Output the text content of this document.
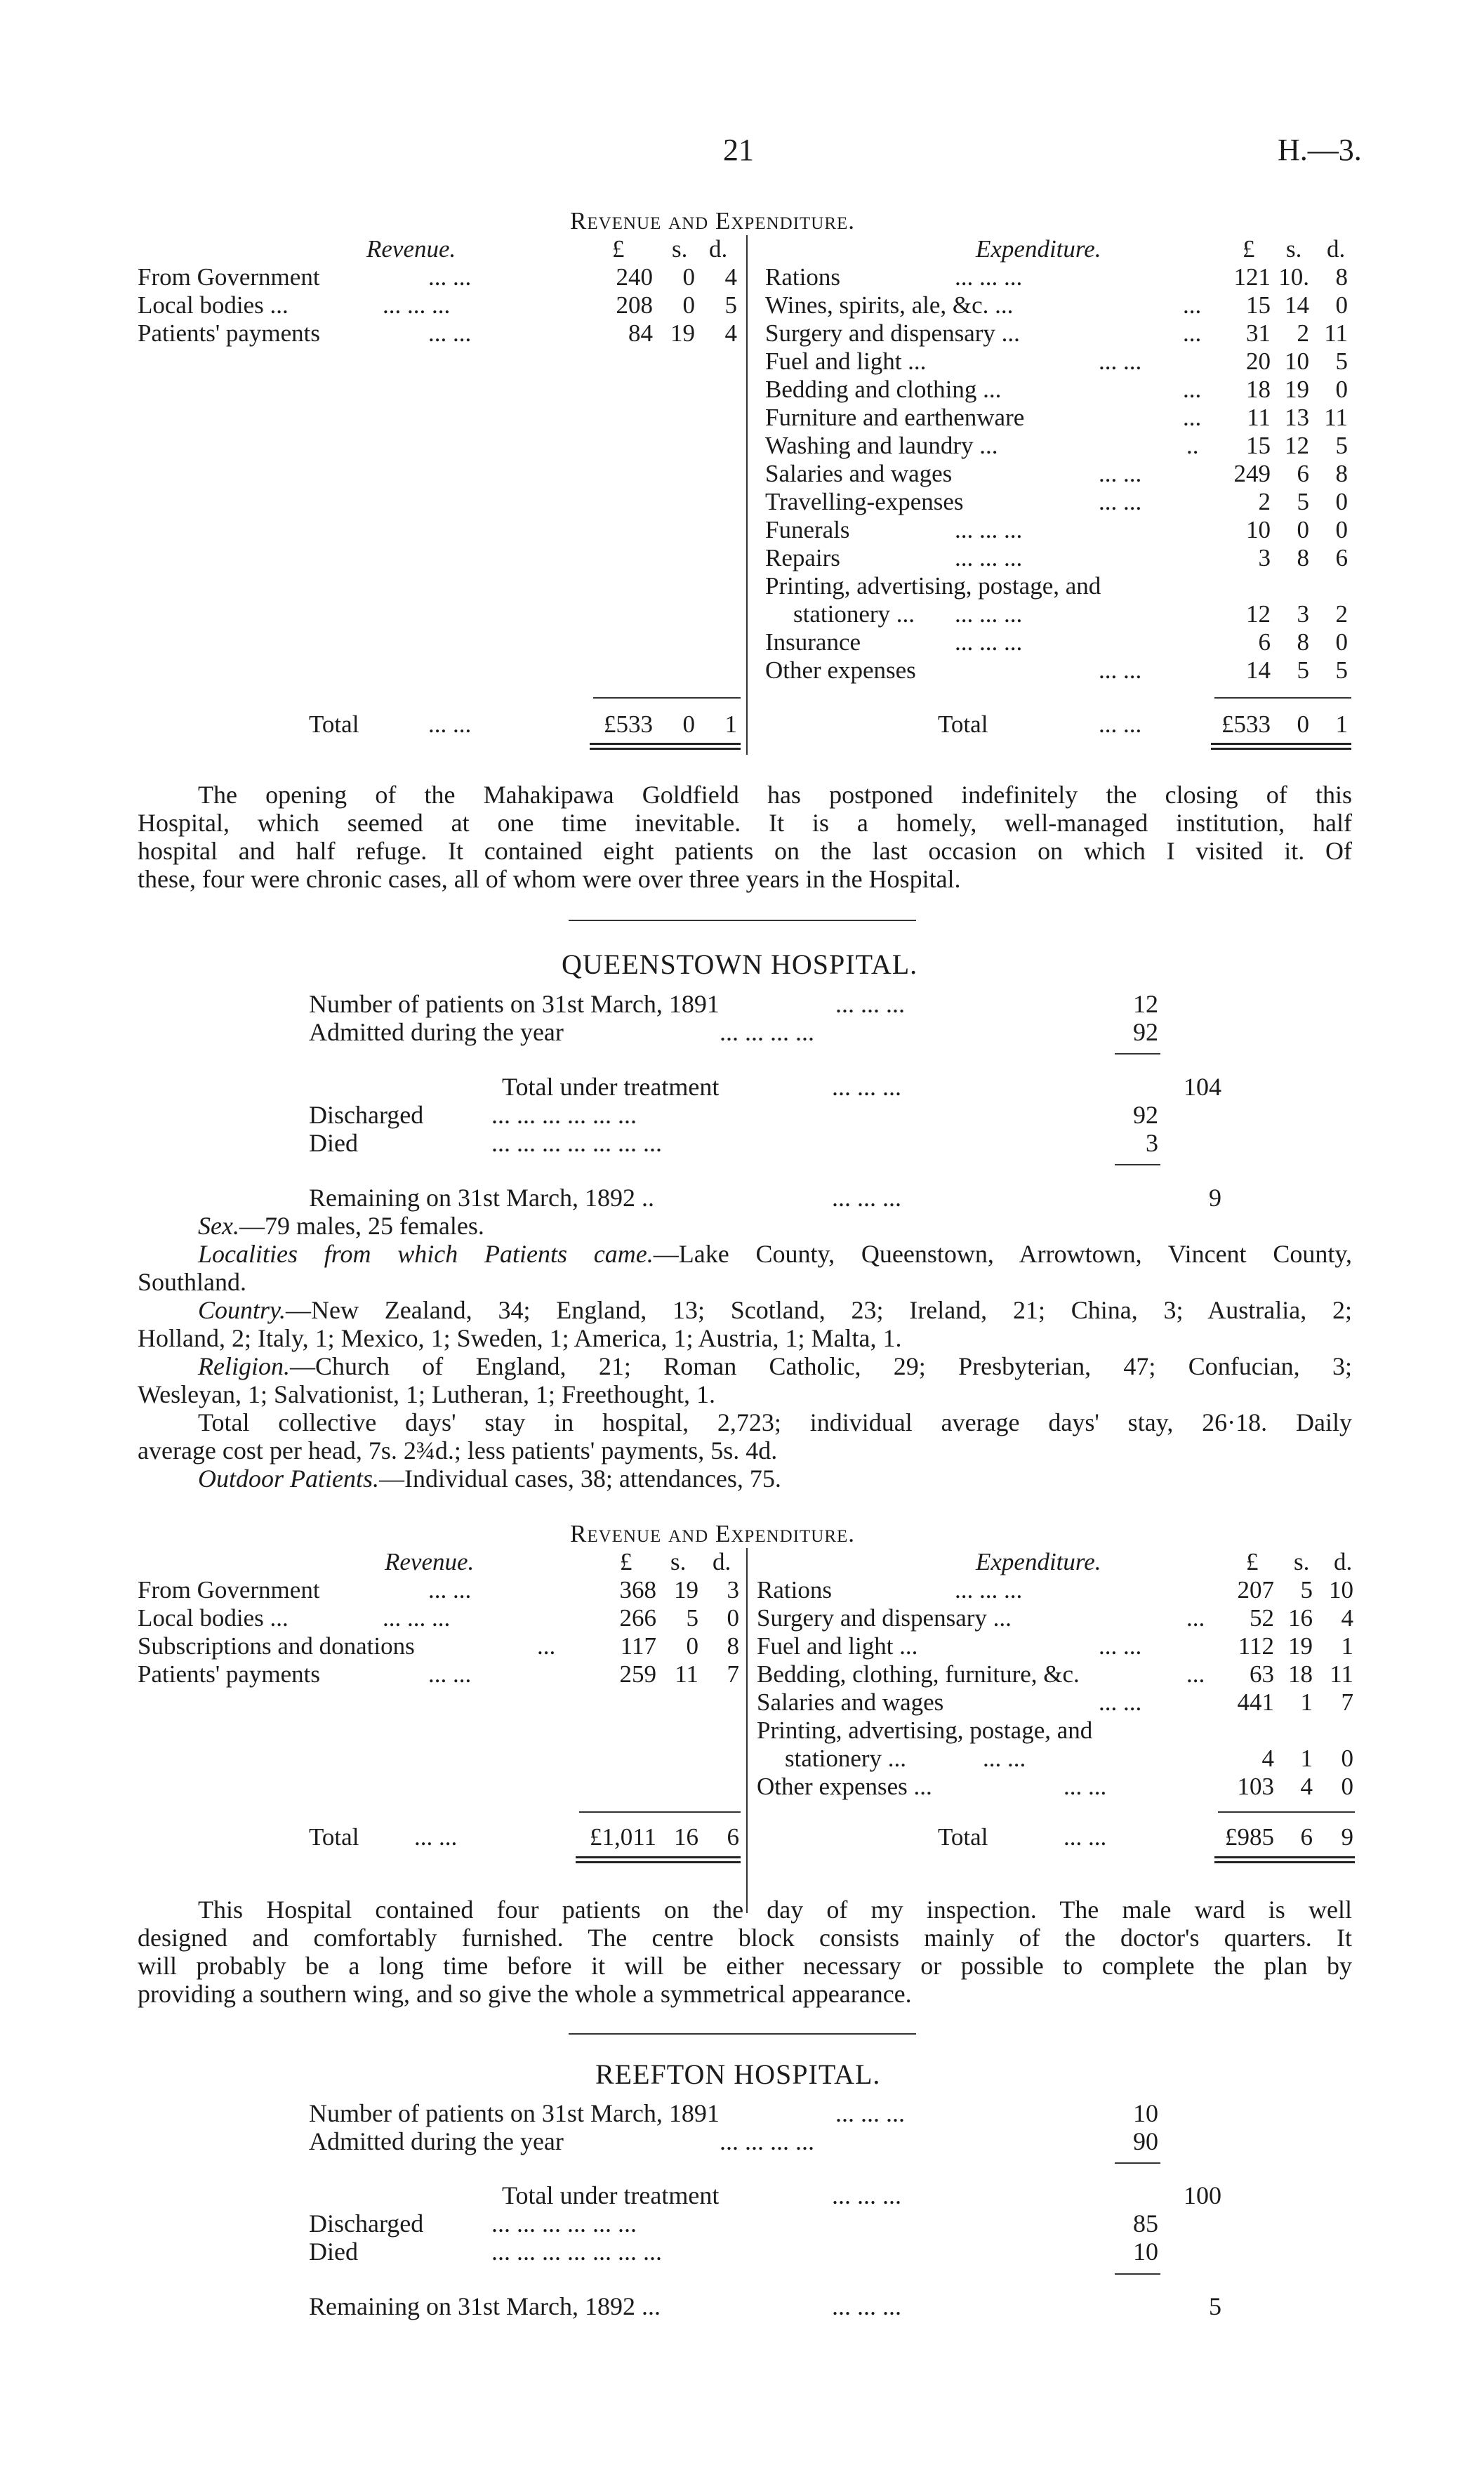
21	H.—3.
Revenue and Expenditure.
Revenue.	Expenditure.
£ s. d.	£ s. d.
From Government	... ...	240	0	4
Local bodies ...	... ... ...	208	0	5
Patients' payments	... ...	84 19	4
Rations	... ... ...	121 10.	8
Wines, spirits, ale, &c. ...	...	15 14	0
Surgery and dispensary ...	...	31	2 11
Fuel and light ...	... ...	20 10	5
Bedding and clothing ...	...	18 19	0
Furniture and earthenware	...	11 13 11
Washing and laundry ...	..	15 12	5
Salaries and wages	... ...	249	6	8
Travelling-expenses	... ...	2	5	0
Funerals	... ... ...	10	0	0
Repairs	... ... ...	3	8	6
Printing, advertising, postage, and
stationery ... ... ... ...	12	3	2
Insurance	... ... ...	6	8	0
Other expenses	... ...	14	5	5
Total	... ...	£533	0	1	Total	... ...	£533	0	1

The opening of the Mahakipawa Goldfield has postponed indefinitely the closing of this

Hospital, which seemed at one time inevitable. It is a homely, well-managed institution, half

hospital and half refuge. It contained eight patients on the last occasion on which I visited it. Of

these, four were chronic cases, all of whom were over three years in the Hospital.

QUEENSTOWN HOSPITAL.
Number of patients on 31st March, 1891	... ... ...	12
Admitted during the year	... ... ... ...	92
Total under treatment	... ... ...	104
Discharged	... ... ... ... ... ...	92
Died	... ... ... ... ... ... ...	3
Remaining on 31st March, 1892 ..	... ... ...	9

Sex.—79 males, 25 females.

Localities from which Patients came.—Lake County, Queenstown, Arrowtown, Vincent County,

Southland.

Country.—New Zealand, 34; England, 13; Scotland, 23; Ireland, 21; China, 3; Australia, 2;

Holland, 2; Italy, 1; Mexico, 1; Sweden, 1; America, 1; Austria, 1; Malta, 1.

Religion.—Church of England, 21; Roman Catholic, 29; Presbyterian, 47; Confucian, 3;

Wesleyan, 1; Salvationist, 1; Lutheran, 1; Freethought, 1.

Total collective days' stay in hospital, 2,723; individual average days' stay, 26·18. Daily

average cost per head, 7s. 2¾d.; less patients' payments, 5s. 4d.

Outdoor Patients.—Individual cases, 38; attendances, 75.

Revenue and Expenditure.
Revenue.	Expenditure.
£ s. d.	£ s. d.
From Government	... ...	368 19	3
Local bodies ...	... ... ...	266	5	0
Subscriptions and donations	...	117	0	8
Patients' payments	... ...	259 11	7
Rations	... ... ...	207	5 10
Surgery and dispensary ...	...	52 16	4
Fuel and light ...	... ...	112 19	1
Bedding, clothing, furniture, &c.	...	63 18 11
Salaries and wages	... ...	441	1	7
Printing, advertising, postage, and
stationery ...	... ...	4	1	0
Other expenses ...	... ...	103	4	0
Total ... ...	£1,011 16	6	Total	... ...	£985	6	9

This Hospital contained four patients on the day of my inspection. The male ward is well

designed and comfortably furnished. The centre block consists mainly of the doctor's quarters. It

will probably be a long time before it will be either necessary or possible to complete the plan by

providing a southern wing, and so give the whole a symmetrical appearance.

REEFTON HOSPITAL.
Number of patients on 31st March, 1891	... ... ...	10
Admitted during the year	... ... ... ...	90
Total under treatment	... ... ...	100
Discharged	... ... ... ... ... ...	85
Died	... ... ... ... ... ... ...	10
Remaining on 31st March, 1892 ...	... ... ...	5
